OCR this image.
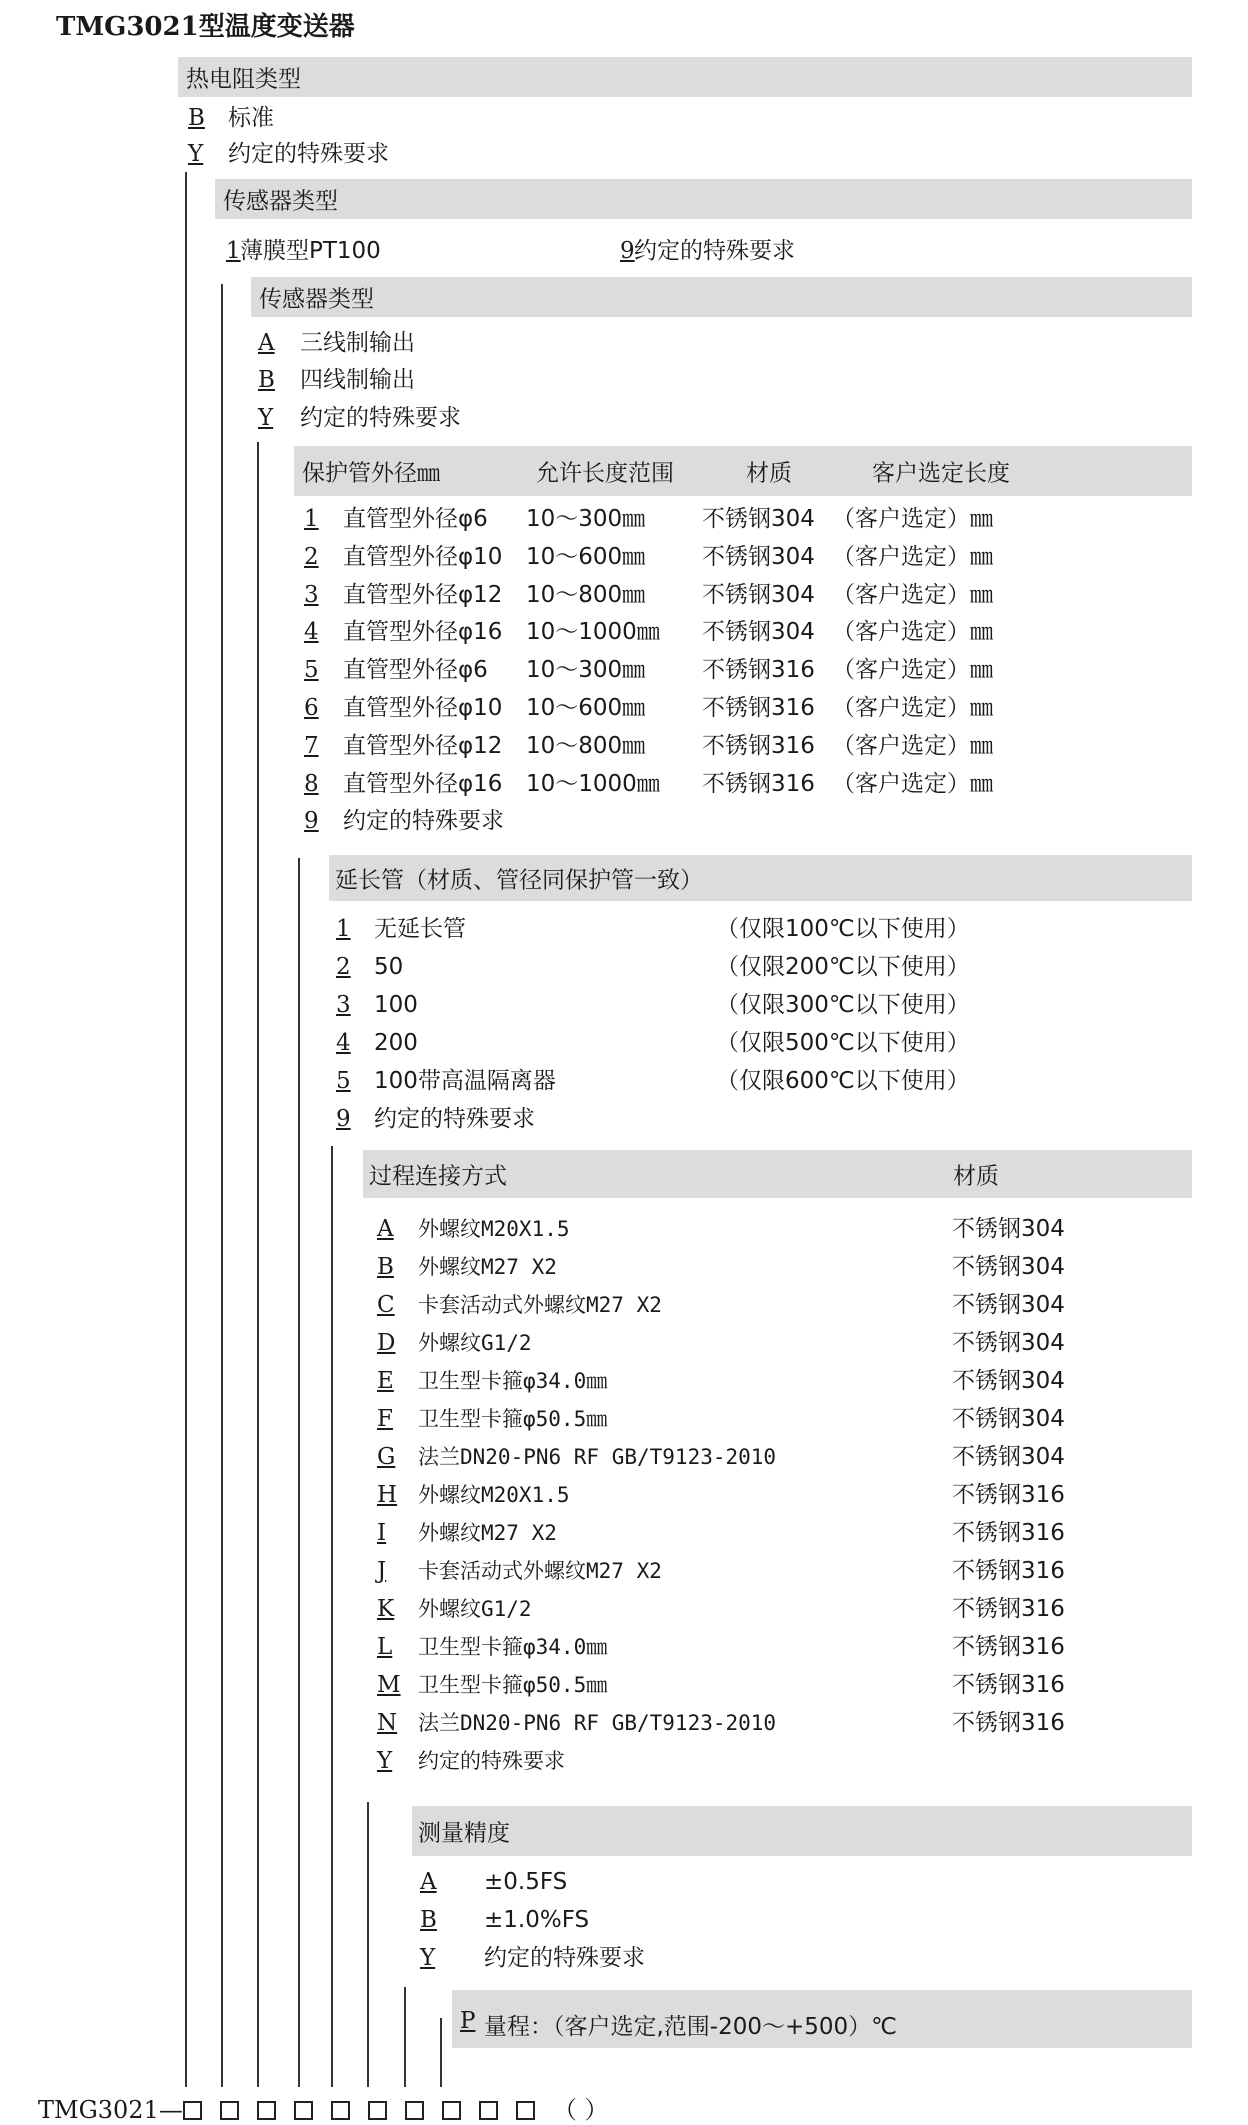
TMG3021型温度变送器
热电阻类型
B 标准
Y 约定的特殊要求
传感器类型
1 薄膜型PT100	9 约定的特殊要求
传感器类型
A 三线制输出
B 四线制输出
Y 约定的特殊要求
保护管外径㎜	允许长度范围	材质	客户选定长度
1 直管型外径φ6 10～300㎜ 不锈钢304 （客户选定）㎜
2 直管型外径φ10 10～600㎜ 不锈钢304 （客户选定）㎜
3 直管型外径φ12 10～800㎜ 不锈钢304 （客户选定）㎜
4 直管型外径φ16 10～1000㎜ 不锈钢304 （客户选定）㎜
5 直管型外径φ6 10～300㎜ 不锈钢316 （客户选定）㎜
6 直管型外径φ10 10～600㎜ 不锈钢316 （客户选定）㎜
7 直管型外径φ12 10～800㎜ 不锈钢316 （客户选定）㎜
8 直管型外径φ16 10～1000㎜ 不锈钢316 （客户选定）㎜
9 约定的特殊要求
延长管（材质、管径同保护管一致）
1 无延长管	（仅限100℃以下使用）
2 50	（仅限200℃以下使用）
3 100	（仅限300℃以下使用）
4 200	（仅限500℃以下使用）
5 100带高温隔离器	（仅限600℃以下使用）
9 约定的特殊要求
过程连接方式	材质
A 外螺纹M20X1.5	不锈钢304
B 外螺纹M27 X2	不锈钢304
C 卡套活动式外螺纹M27 X2	不锈钢304
D 外螺纹G1/2	不锈钢304
E 卫生型卡箍φ34.0㎜	不锈钢304
F 卫生型卡箍φ50.5㎜	不锈钢304
G 法兰DN20-PN6 RF GB/T9123-2010	不锈钢304
H 外螺纹M20X1.5	不锈钢316
I 外螺纹M27 X2	不锈钢316
J 卡套活动式外螺纹M27 X2	不锈钢316
K 外螺纹G1/2	不锈钢316
L 卫生型卡箍φ34.0㎜	不锈钢316
M 卫生型卡箍φ50.5㎜	不锈钢316
N 法兰DN20-PN6 RF GB/T9123-2010	不锈钢316
Y 约定的特殊要求
测量精度
A ±0.5FS
B ±1.0%FS
Y 约定的特殊要求
P 量程：（客户选定,范围-200～+500）℃
TMG3021—	（ ）
